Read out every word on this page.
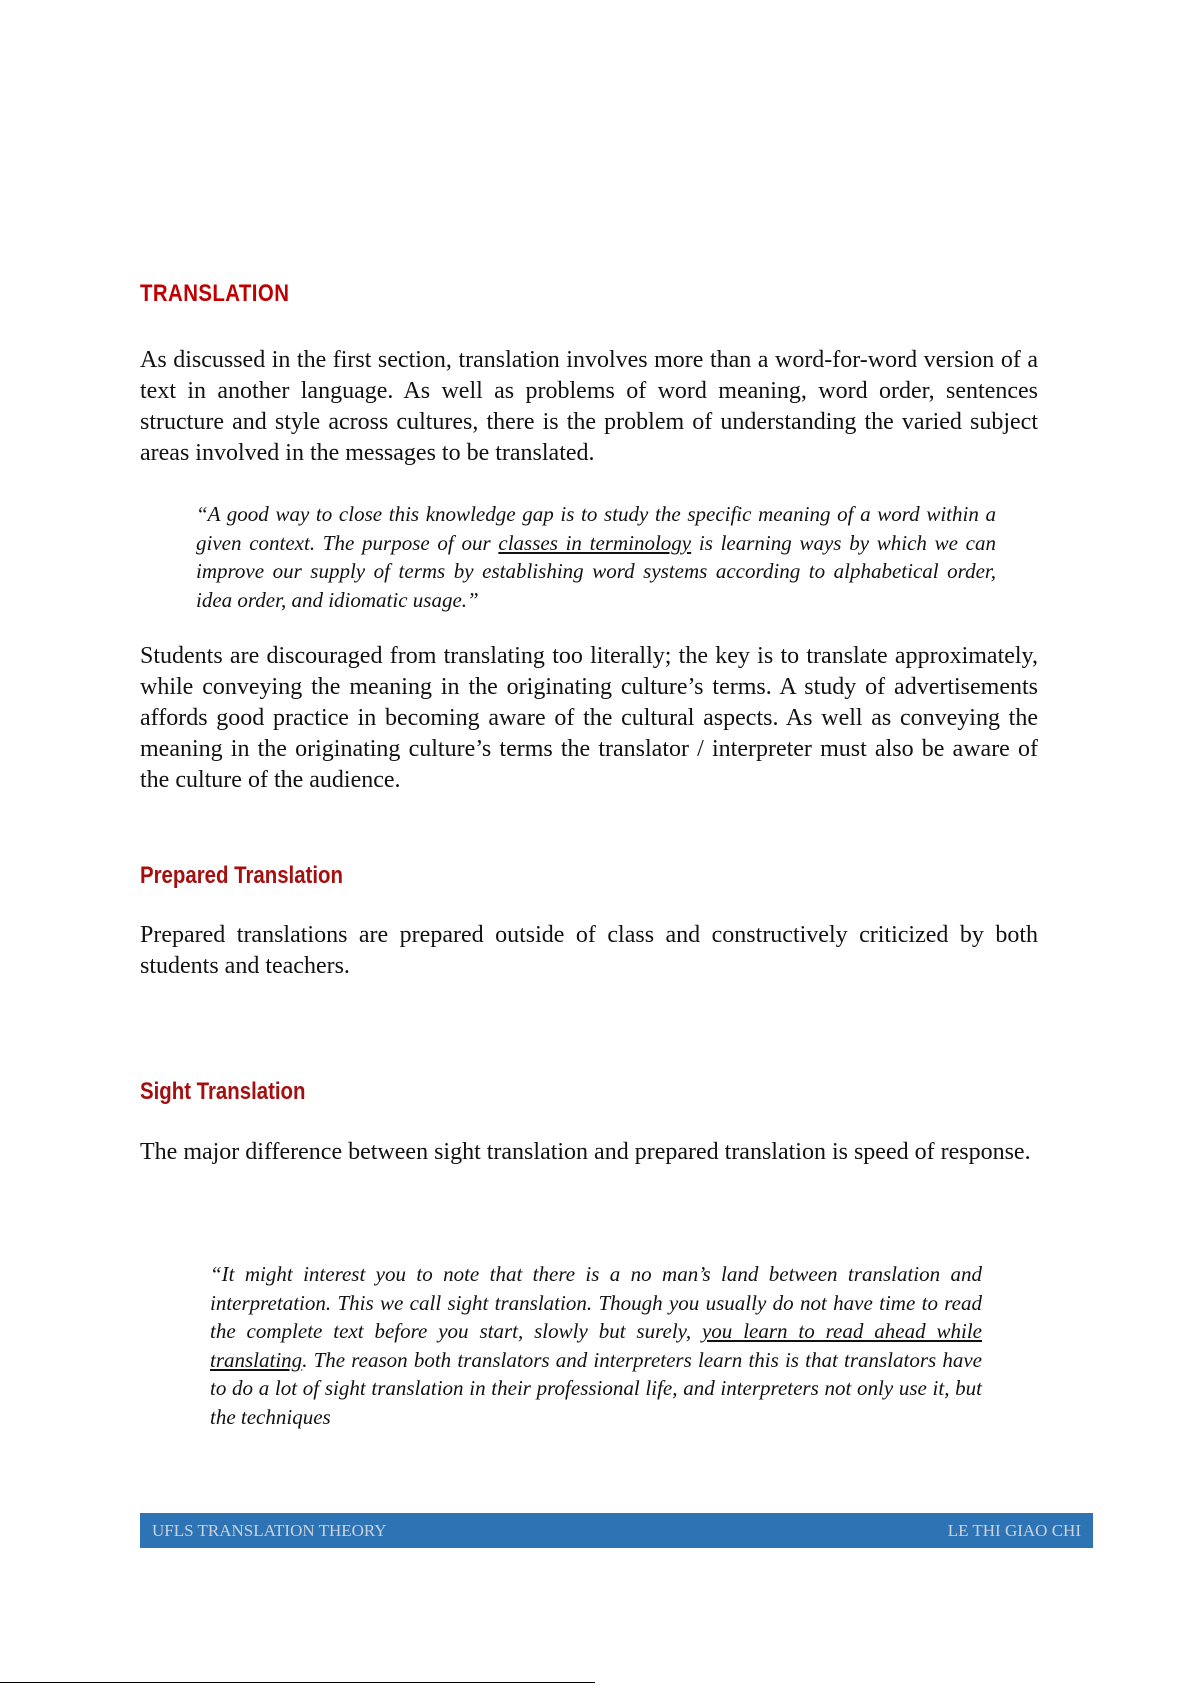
TRANSLATION
As discussed in the first section, translation involves more than a word-for-word version of a text in another language. As well as problems of word meaning, word order, sentences structure and style across cultures, there is the problem of understanding the varied subject areas involved in the messages to be translated.
“A good way to close this knowledge gap is to study the specific meaning of a word within a given context. The purpose of our classes in terminology is learning ways by which we can improve our supply of terms by establishing word systems according to alphabetical order, idea order, and idiomatic usage.”
Students are discouraged from translating too literally; the key is to translate approximately, while conveying the meaning in the originating culture’s terms. A study of advertisements affords good practice in becoming aware of the cultural aspects. As well as conveying the meaning in the originating culture’s terms the translator / interpreter must also be aware of the culture of the audience.
Prepared Translation
Prepared translations are prepared outside of class and constructively criticized by both students and teachers.
Sight Translation
The major difference between sight translation and prepared translation is speed of response.
“It might interest you to note that there is a no man’s land between translation and interpretation. This we call sight translation. Though you usually do not have time to read the complete text before you start, slowly but surely, you learn to read ahead while translating. The reason both translators and interpreters learn this is that translators have to do a lot of sight translation in their professional life, and interpreters not only use it, but the techniques
UFLS TRANSLATION THEORY	LE THI GIAO CHI
